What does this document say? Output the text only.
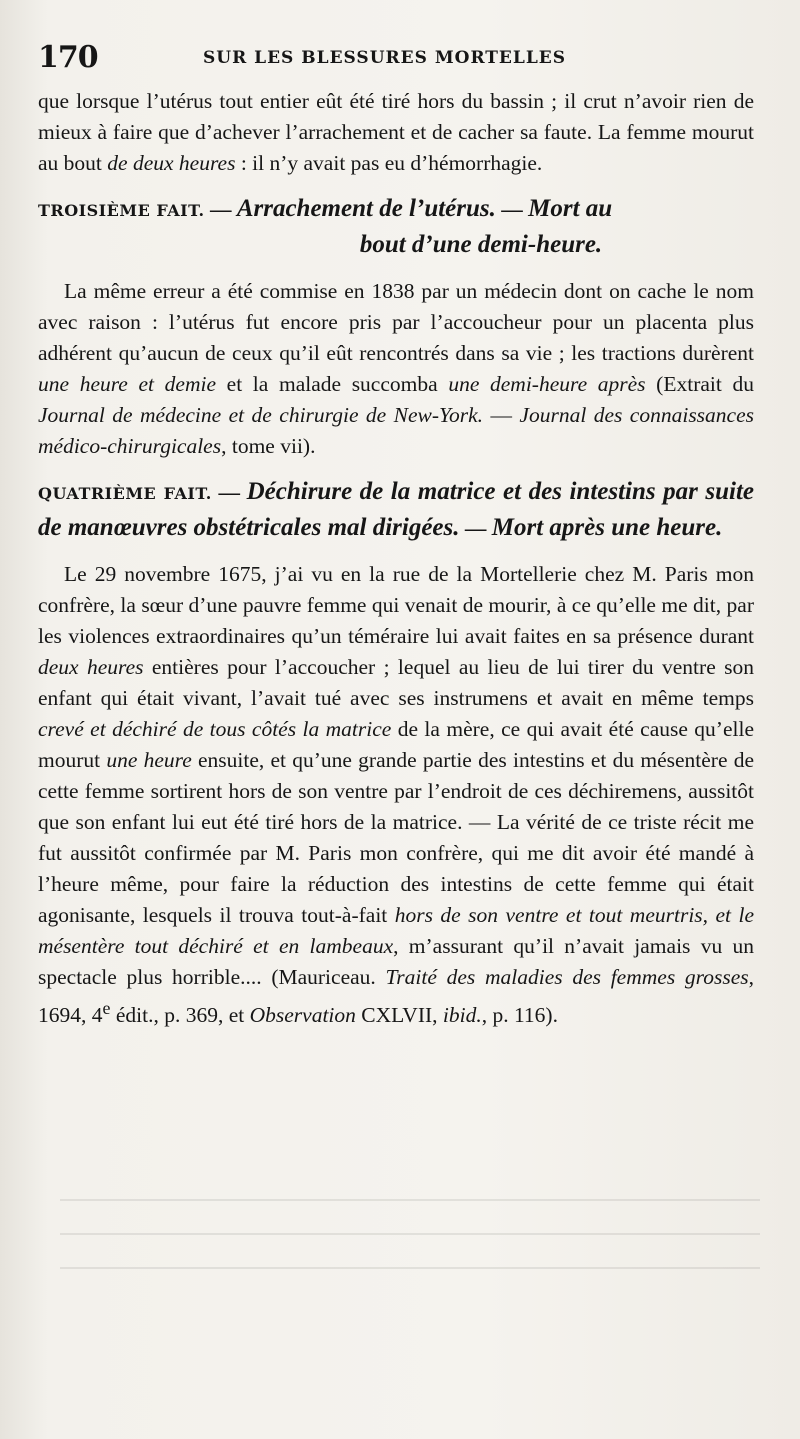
170	SUR LES BLESSURES MORTELLES

que lorsque l’utérus tout entier eût été tiré hors du bassin ; il crut n’avoir rien de mieux à faire que d’achever l’arrachement et de cacher sa faute. La femme mourut au bout de deux heures : il n’y avait pas eu d’hémorrhagie.

TROISIÈME FAIT. — Arrachement de l’utérus. — Mort au
bout d’une demi-heure.

La même erreur a été commise en 1838 par un médecin dont on cache le nom avec raison : l’utérus fut encore pris par l’accoucheur pour un placenta plus adhérent qu’aucun de ceux qu’il eût rencontrés dans sa vie ; les tractions durèrent une heure et demie et la malade succomba une demi-heure après (Extrait du Journal de médecine et de chirurgie de New-York. — Journal des connaissances médico-chirurgicales, tome vii).

QUATRIÈME FAIT. — Déchirure de la matrice et des intestins par suite de manœuvres obstétricales mal dirigées. — Mort après une heure.

Le 29 novembre 1675, j’ai vu en la rue de la Mortellerie chez M. Paris mon confrère, la sœur d’une pauvre femme qui venait de mourir, à ce qu’elle me dit, par les violences extraordinaires qu’un téméraire lui avait faites en sa présence durant deux heures entières pour l’accoucher ; lequel au lieu de lui tirer du ventre son enfant qui était vivant, l’avait tué avec ses instrumens et avait en même temps crevé et déchiré de tous côtés la matrice de la mère, ce qui avait été cause qu’elle mourut une heure ensuite, et qu’une grande partie des intestins et du mésentère de cette femme sortirent hors de son ventre par l’endroit de ces déchiremens, aussitôt que son enfant lui eut été tiré hors de la matrice. — La vérité de ce triste récit me fut aussitôt confirmée par M. Paris mon confrère, qui me dit avoir été mandé à l’heure même, pour faire la réduction des intestins de cette femme qui était agonisante, lesquels il trouva tout-à-fait hors de son ventre et tout meurtris, et le mésentère tout déchiré et en lambeaux, m’assurant qu’il n’avait jamais vu un spectacle plus horrible.... (Mauriceau. Traité des maladies des femmes grosses, 1694, 4e édit., p. 369, et Observation CXLVII, ibid., p. 116).
